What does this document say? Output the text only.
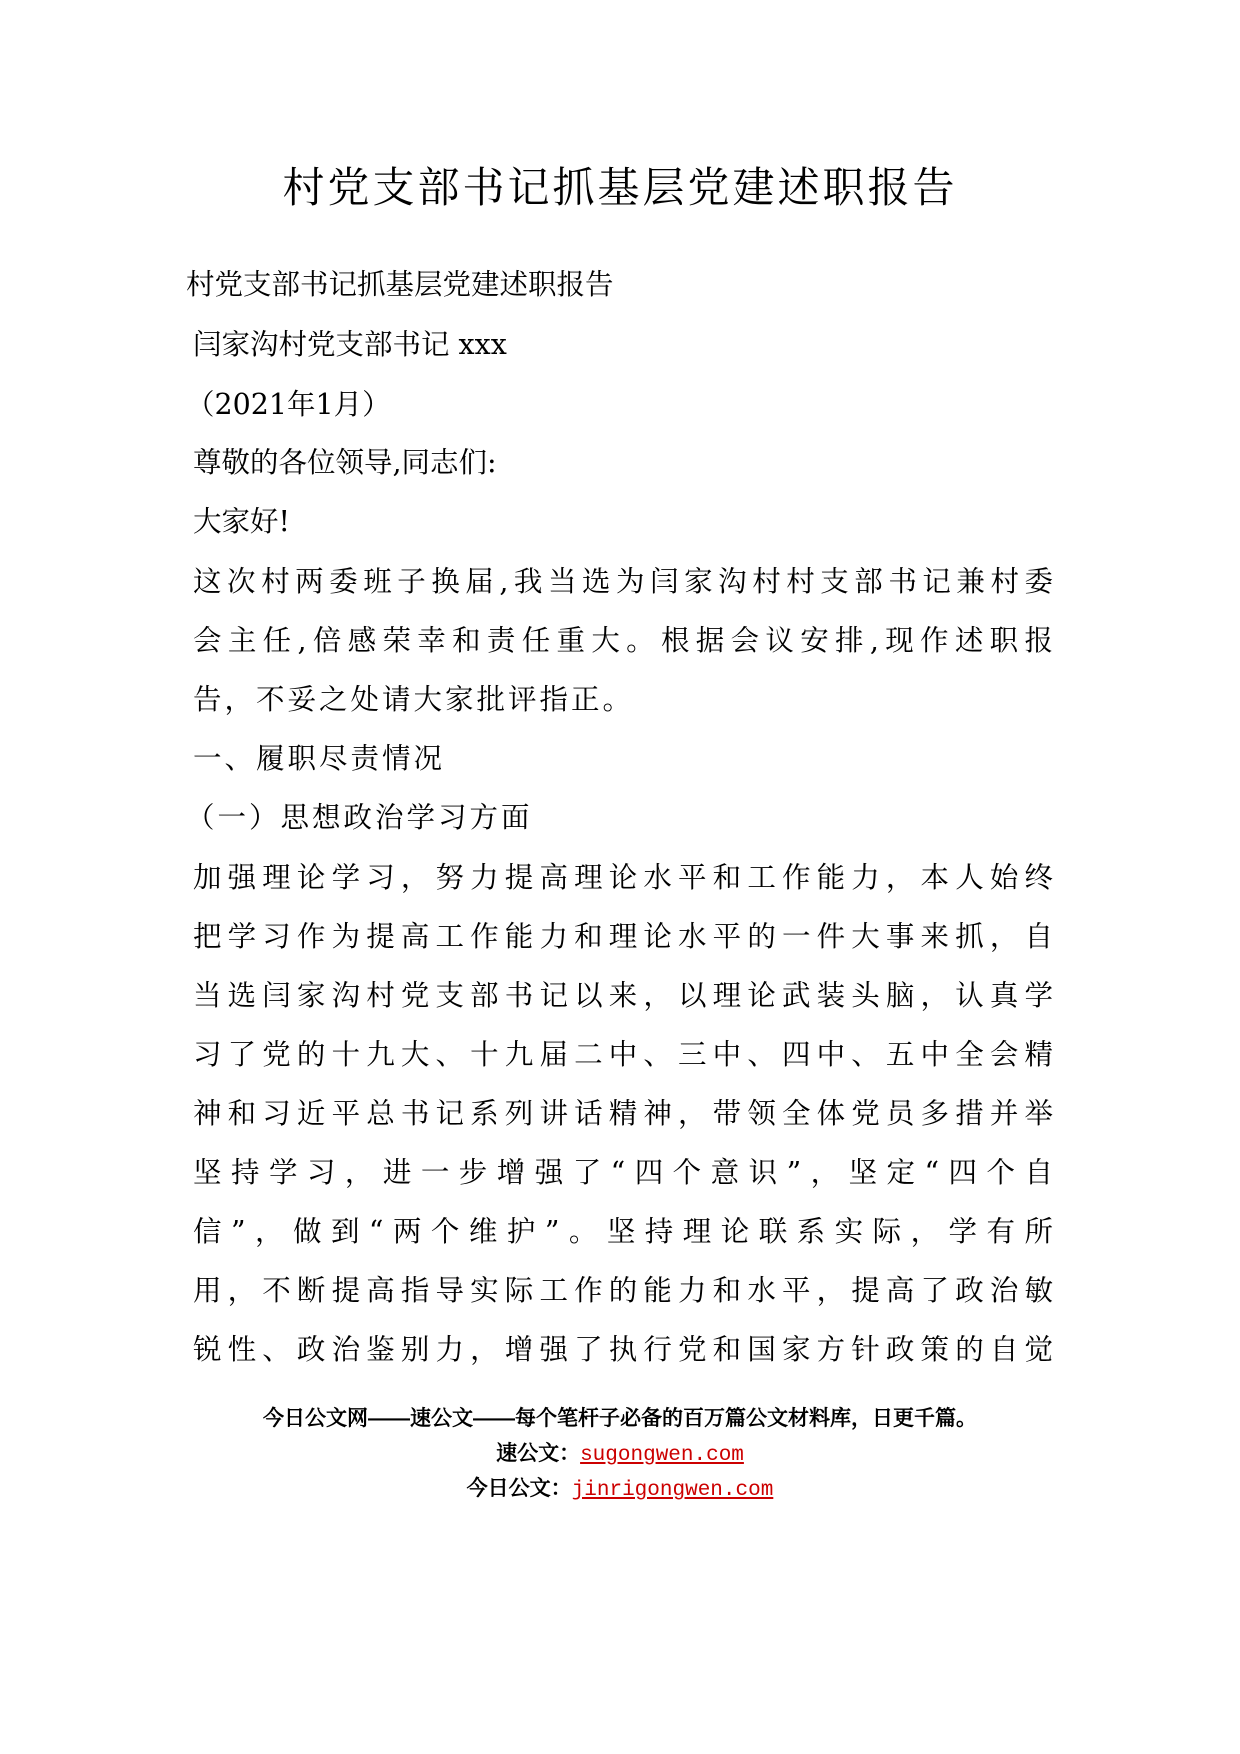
村党支部书记抓基层党建述职报告
村党支部书记抓基层党建述职报告
闫家沟村党支部书记 xxx
（2021年1月）
尊敬的各位领导,同志们:
大家好!
这次村两委班子换届,我当选为闫家沟村村支部书记兼村委
会主任,倍感荣幸和责任重大。根据会议安排,现作述职报
告，不妥之处请大家批评指正。
一、履职尽责情况
（一）思想政治学习方面
加强理论学习，努力提高理论水平和工作能力，本人始终
把学习作为提高工作能力和理论水平的一件大事来抓，自
当选闫家沟村党支部书记以来，以理论武装头脑，认真学
习了党的十九大、十九届二中、三中、四中、五中全会精
神和习近平总书记系列讲话精神，带领全体党员多措并举
坚持学习，进一步增强了“四个意识”，坚定“四个自
信”，做到“两个维护”。坚持理论联系实际，学有所
用，不断提高指导实际工作的能力和水平，提高了政治敏
锐性、政治鉴别力，增强了执行党和国家方针政策的自觉
今日公文网——速公文——每个笔杆子必备的百万篇公文材料库，日更千篇。
速公文：sugongwen.com
今日公文：jinrigongwen.com
